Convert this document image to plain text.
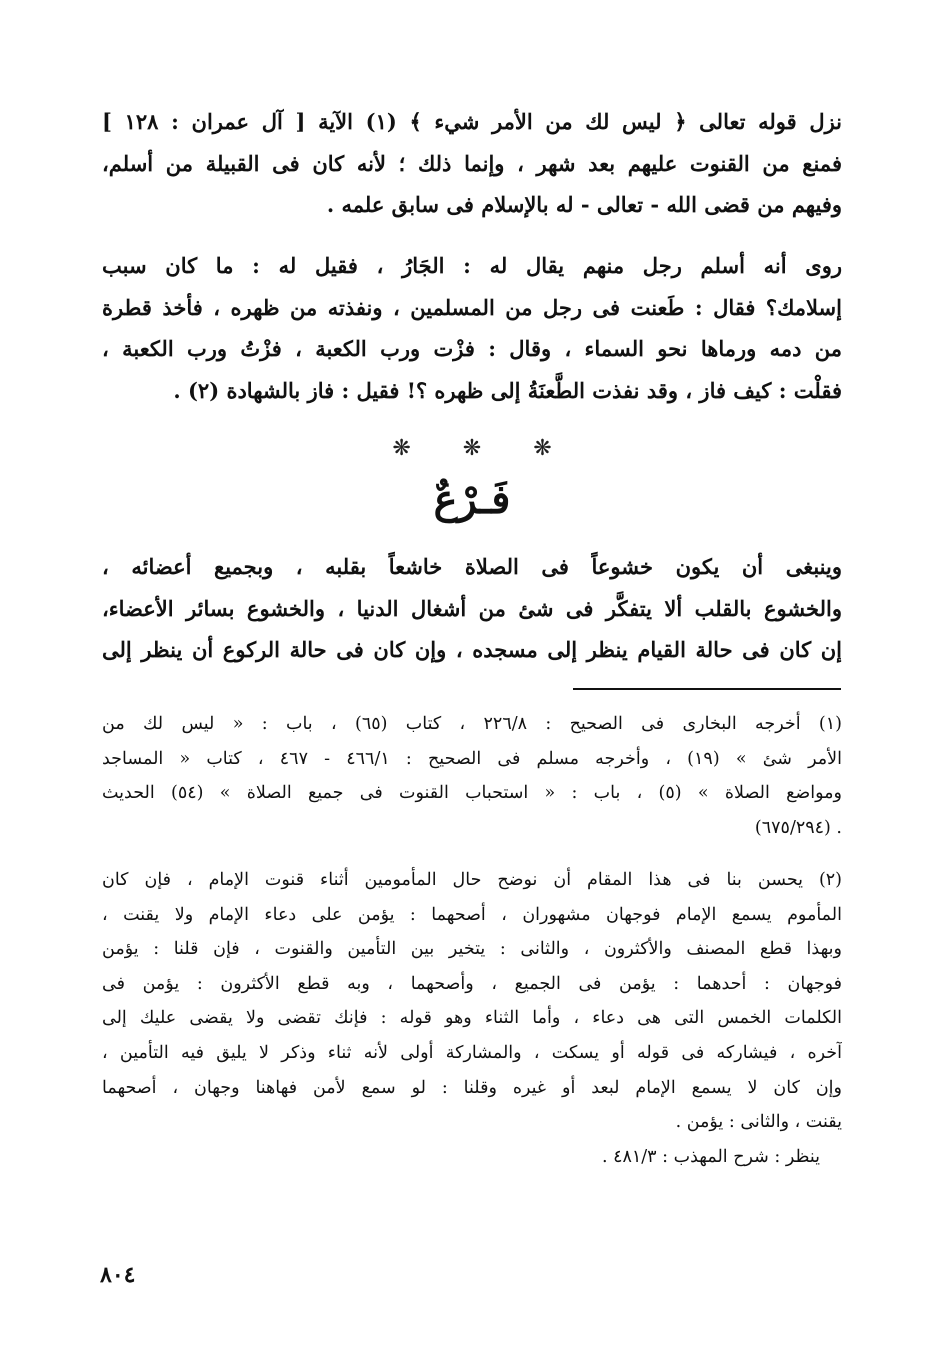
نزل قوله تعالى ﴿ ليس لك من الأمر شيء ﴾ (١) الآية [ آل عمران : ١٢٨ ]
فمنع من القنوت عليهم بعد شهر ، وإنما ذلك ؛ لأنه كان فى القبيلة من أسلم،
وفيهم من قضى الله - تعالى - له بالإسلام فى سابق علمه .
روى أنه أسلم رجل منهم يقال له : الجَارُ ، فقيل له : ما كان سبب
إسلامك؟ فقال : طَعنت فى رجل من المسلمين ، ونفذته من ظهره ، فأخذ قطرة
من دمه ورماها نحو السماء ، وقال : فزْت ورب الكعبة ، فزْتُ ورب الكعبة ،
فقلْت : كيف فاز ، وقد نفذت الطَّعنَةُ إلى ظهره ؟! فقيل : فاز بالشهادة (٢) .
❋❋❋
فَـرْعٌ
وينبغى أن يكون خشوعاً فى الصلاة خاشعاً بقلبه ، وبجميع أعضائه ،
والخشوع بالقلب ألا يتفكَّر فى شئ من أشغال الدنيا ، والخشوع بسائر الأعضاء،
إن كان فى حالة القيام ينظر إلى مسجده ، وإن كان فى حالة الركوع أن ينظر إلى
(١) أخرجه البخارى فى الصحيح : ٢٢٦/٨ ، كتاب (٦٥) ، باب : « ليس لك من
الأمر شئ » (١٩) ، وأخرجه مسلم فى الصحيح : ٤٦٦/١ - ٤٦٧ ، كتاب « المساجد
ومواضع الصلاة » (٥) ، باب : « استحباب القنوت فى جميع الصلاة » (٥٤) الحديث
. (٦٧٥/٢٩٤)
(٢) يحسن بنا فى هذا المقام أن نوضح حال المأمومين أثناء قنوت الإمام ، فإن كان
المأموم يسمع الإمام فوجهان مشهوران ، أصحهما : يؤمن على دعاء الإمام ولا يقنت ،
وبهذا قطع المصنف والأكثرون ، والثانى : يتخير بين التأمين والقنوت ، فإن قلنا : يؤمن
فوجهان : أحدهما : يؤمن فى الجميع ، وأصحهما ، وبه قطع الأكثرون : يؤمن فى
الكلمات الخمس التى هى دعاء ، وأما الثناء وهو قوله : فإنك تقضى ولا يقضى عليك إلى
آخره ، فيشاركه فى قوله أو يسكت ، والمشاركة أولى لأنه ثناء وذكر لا يليق فيه التأمين ،
وإن كان لا يسمع الإمام لبعد أو غيره وقلنا : لو سمع لأمن فهاهنا وجهان ، أصحهما
يقنت ، والثانى : يؤمن .
ينظر : شرح المهذب : ٤٨١/٣ .
٨٠٤
